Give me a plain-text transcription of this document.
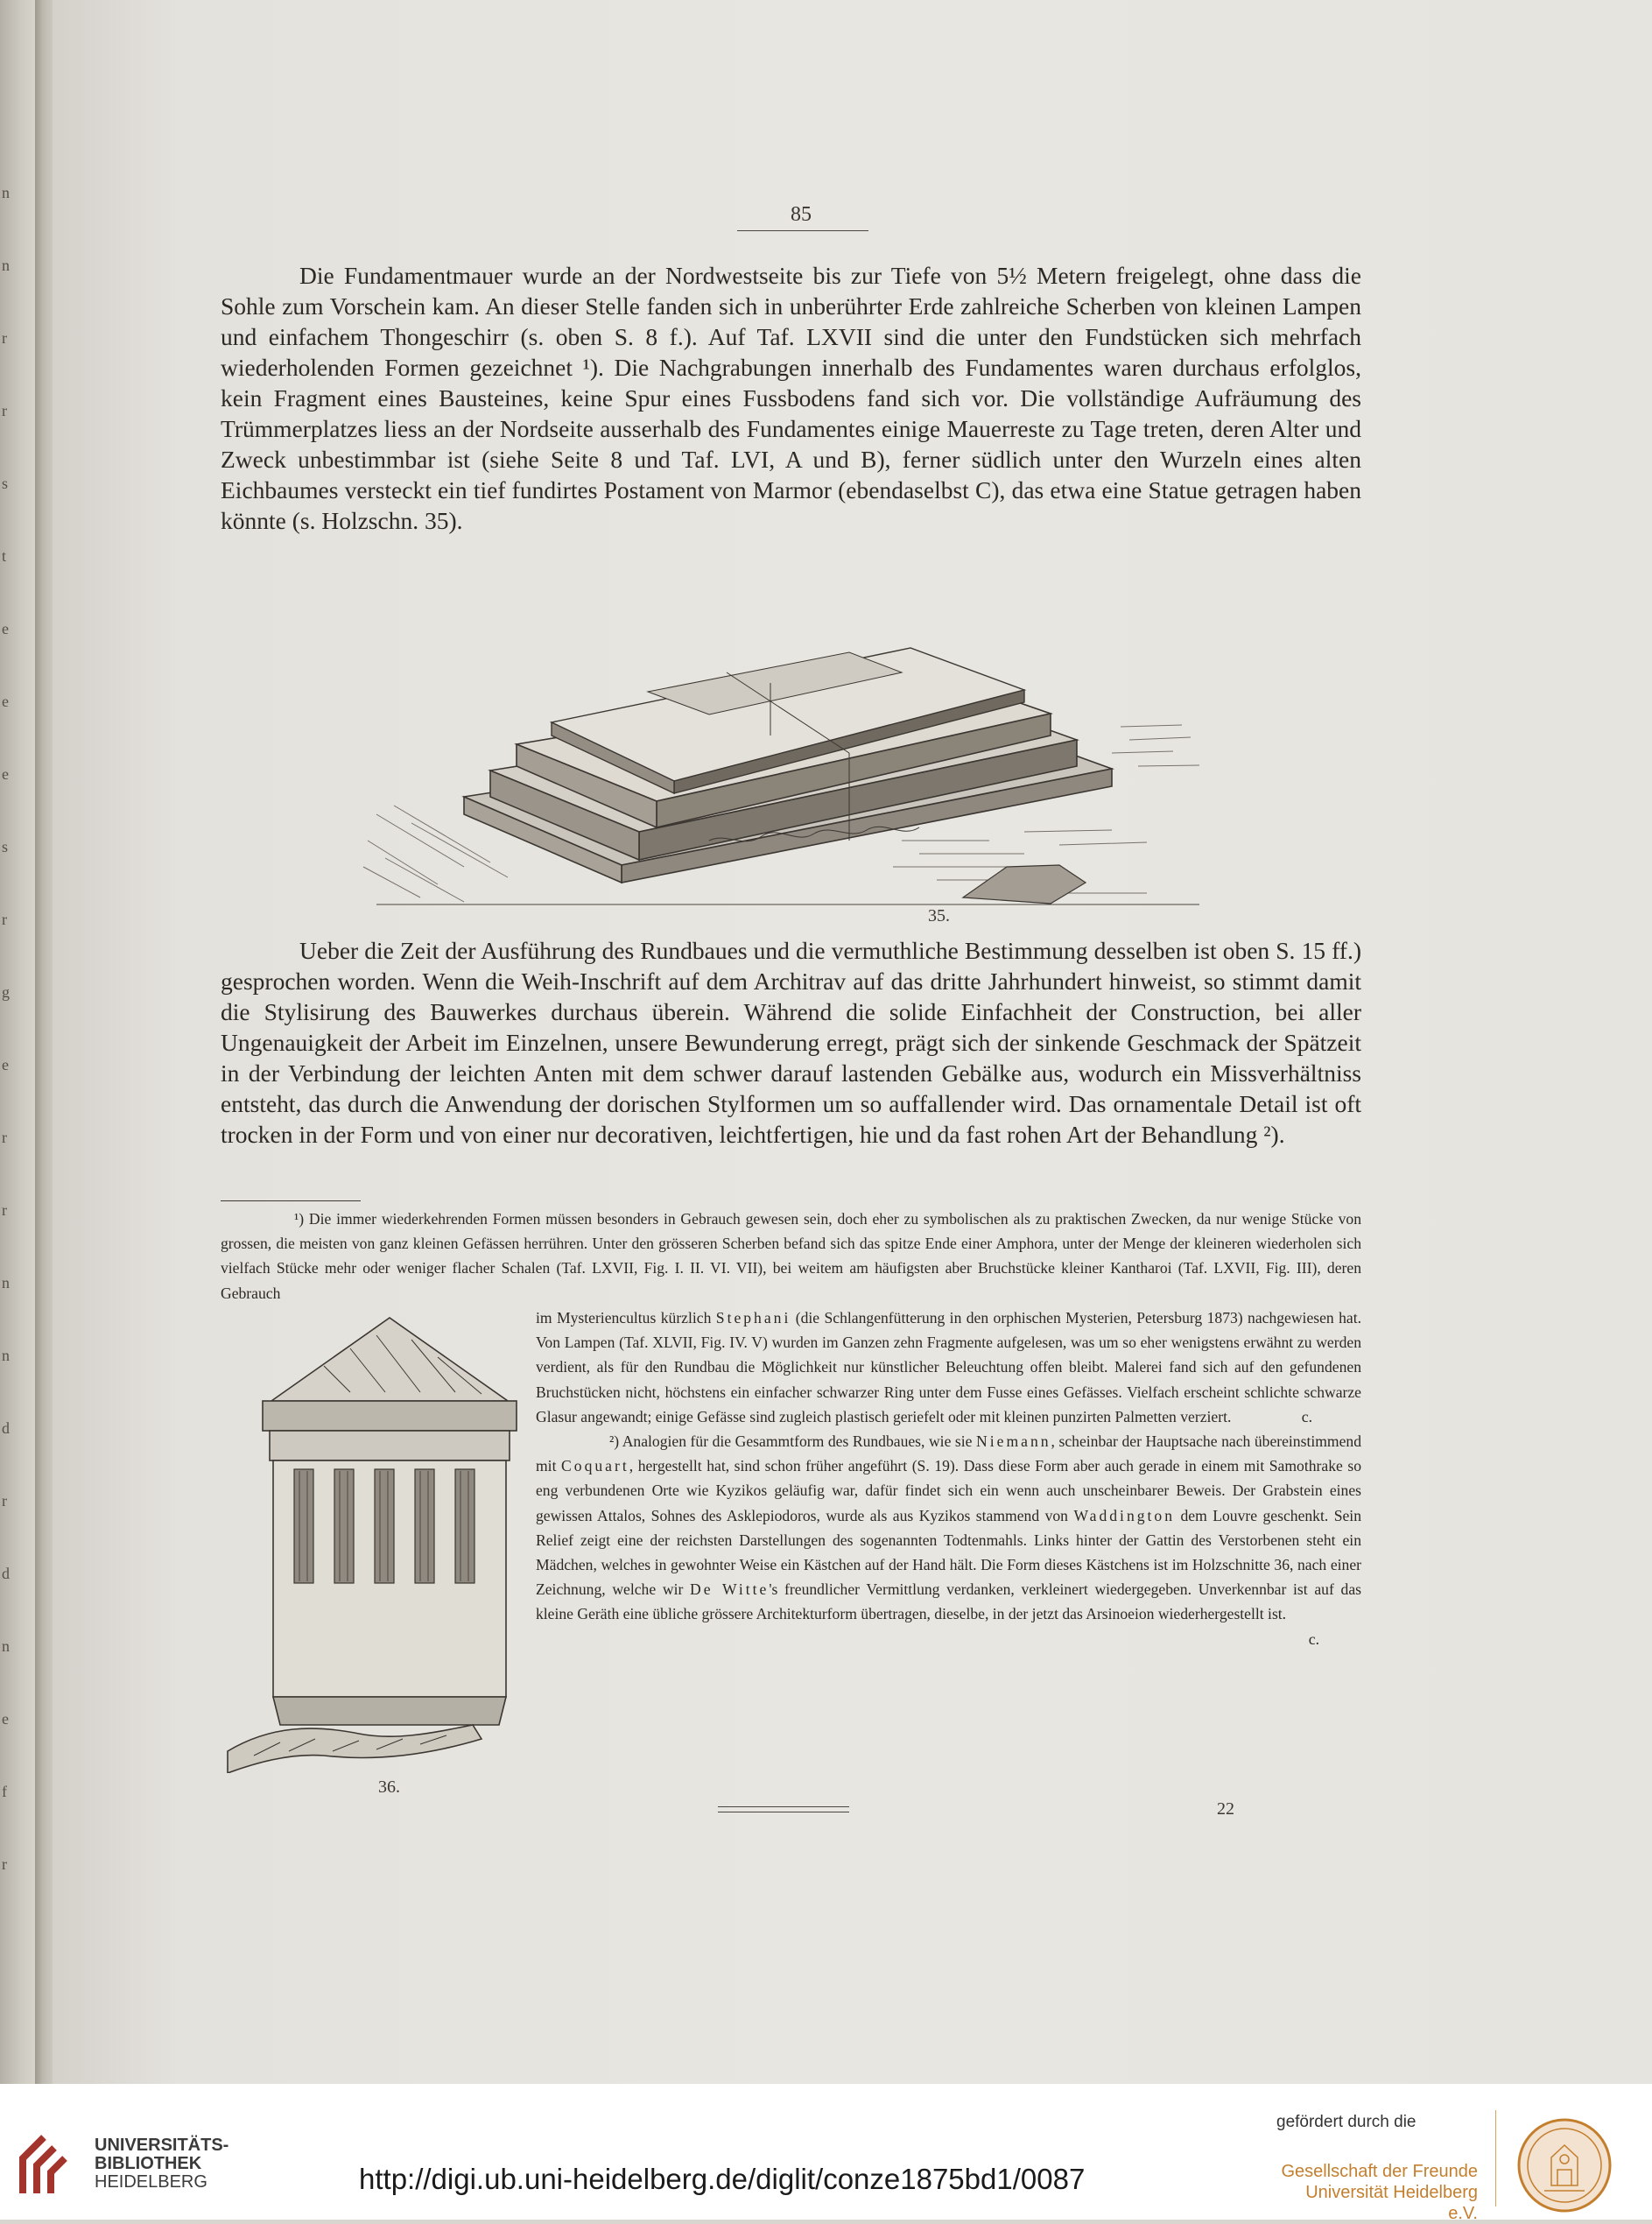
n
n
r
r
s
t
e
e
e
s
r
g
e
r
r
n
n
d
r
d
n
e
f
r
85

Die Fundamentmauer wurde an der Nordwestseite bis zur Tiefe von 5½ Metern freigelegt, ohne dass die Sohle zum Vorschein kam. An dieser Stelle fanden sich in unberührter Erde zahlreiche Scherben von kleinen Lampen und einfachem Thongeschirr (s. oben S. 8 f.). Auf Taf. LXVII sind die unter den Fundstücken sich mehrfach wiederholenden Formen gezeichnet ¹). Die Nachgrabungen innerhalb des Fundamentes waren durchaus erfolglos, kein Fragment eines Bausteines, keine Spur eines Fussbodens fand sich vor. Die vollständige Aufräumung des Trümmerplatzes liess an der Nordseite ausserhalb des Fundamentes einige Mauerreste zu Tage treten, deren Alter und Zweck unbestimmbar ist (siehe Seite 8 und Taf. LVI, A und B), ferner südlich unter den Wurzeln eines alten Eichbaumes versteckt ein tief fundirtes Postament von Marmor (ebendaselbst C), das etwa eine Statue getragen haben könnte (s. Holzschn. 35).

35.

Ueber die Zeit der Ausführung des Rundbaues und die vermuthliche Bestimmung desselben ist oben S. 15 ff.) gesprochen worden. Wenn die Weih-Inschrift auf dem Architrav auf das dritte Jahrhundert hinweist, so stimmt damit die Stylisirung des Bauwerkes durchaus überein. Während die solide Einfachheit der Construction, bei aller Ungenauigkeit der Arbeit im Einzelnen, unsere Bewunderung erregt, prägt sich der sinkende Geschmack der Spätzeit in der Verbindung der leichten Anten mit dem schwer darauf lastenden Gebälke aus, wodurch ein Missverhältniss entsteht, das durch die Anwendung der dorischen Stylformen um so auffallender wird. Das ornamentale Detail ist oft trocken in der Form und von einer nur decorativen, leichtfertigen, hie und da fast rohen Art der Behandlung ²).

¹) Die immer wiederkehrenden Formen müssen besonders in Gebrauch gewesen sein, doch eher zu symbolischen als zu praktischen Zwecken, da nur wenige Stücke von grossen, die meisten von ganz kleinen Gefässen herrühren. Unter den grösseren Scherben befand sich das spitze Ende einer Amphora, unter der Menge der kleineren wiederholen sich vielfach Stücke mehr oder weniger flacher Schalen (Taf. LXVII, Fig. I. II. VI. VII), bei weitem am häufigsten aber Bruchstücke kleiner Kantharoi (Taf. LXVII, Fig. III), deren Gebrauch

im Mysteriencultus kürzlich Stephani (die Schlangenfütterung in den orphischen Mysterien, Petersburg 1873) nachgewiesen hat. Von Lampen (Taf. XLVII, Fig. IV. V) wurden im Ganzen zehn Fragmente aufgelesen, was um so eher wenigstens erwähnt zu werden verdient, als für den Rundbau die Möglichkeit nur künstlicher Beleuchtung offen bleibt. Malerei fand sich auf den gefundenen Bruchstücken nicht, höchstens ein einfacher schwarzer Ring unter dem Fusse eines Gefässes. Vielfach erscheint schlichte schwarze Glasur angewandt; einige Gefässe sind zugleich plastisch geriefelt oder mit kleinen punzirten Palmetten verziert.	c.

²) Analogien für die Gesammtform des Rundbaues, wie sie Niemann, scheinbar der Hauptsache nach übereinstimmend mit Coquart, hergestellt hat, sind schon früher angeführt (S. 19). Dass diese Form aber auch gerade in einem mit Samothrake so eng verbundenen Orte wie Kyzikos geläufig war, dafür findet sich ein wenn auch unscheinbarer Beweis. Der Grabstein eines gewissen Attalos, Sohnes des Asklepiodoros, wurde als aus Kyzikos stammend von Waddington dem Louvre geschenkt. Sein Relief zeigt eine der reichsten Darstellungen des sogenannten Todtenmahls. Links hinter der Gattin des Verstorbenen steht ein Mädchen, welches in gewohnter Weise ein Kästchen auf der Hand hält. Die Form dieses Kästchens ist im Holzschnitte 36, nach einer Zeichnung, welche wir De Witte's freundlicher Vermittlung verdanken, verkleinert wiedergegeben. Unverkennbar ist auf das kleine Geräth eine übliche grössere Architekturform übertragen, dieselbe, in der jetzt das Arsinoeion wiederhergestellt ist.
c.

36.
22
UNIVERSITÄTS-
BIBLIOTHEK
HEIDELBERG	http://digi.ub.uni-heidelberg.de/diglit/conze1875bd1/0087
gefördert durch die
Gesellschaft der Freunde
Universität Heidelberg e.V.
